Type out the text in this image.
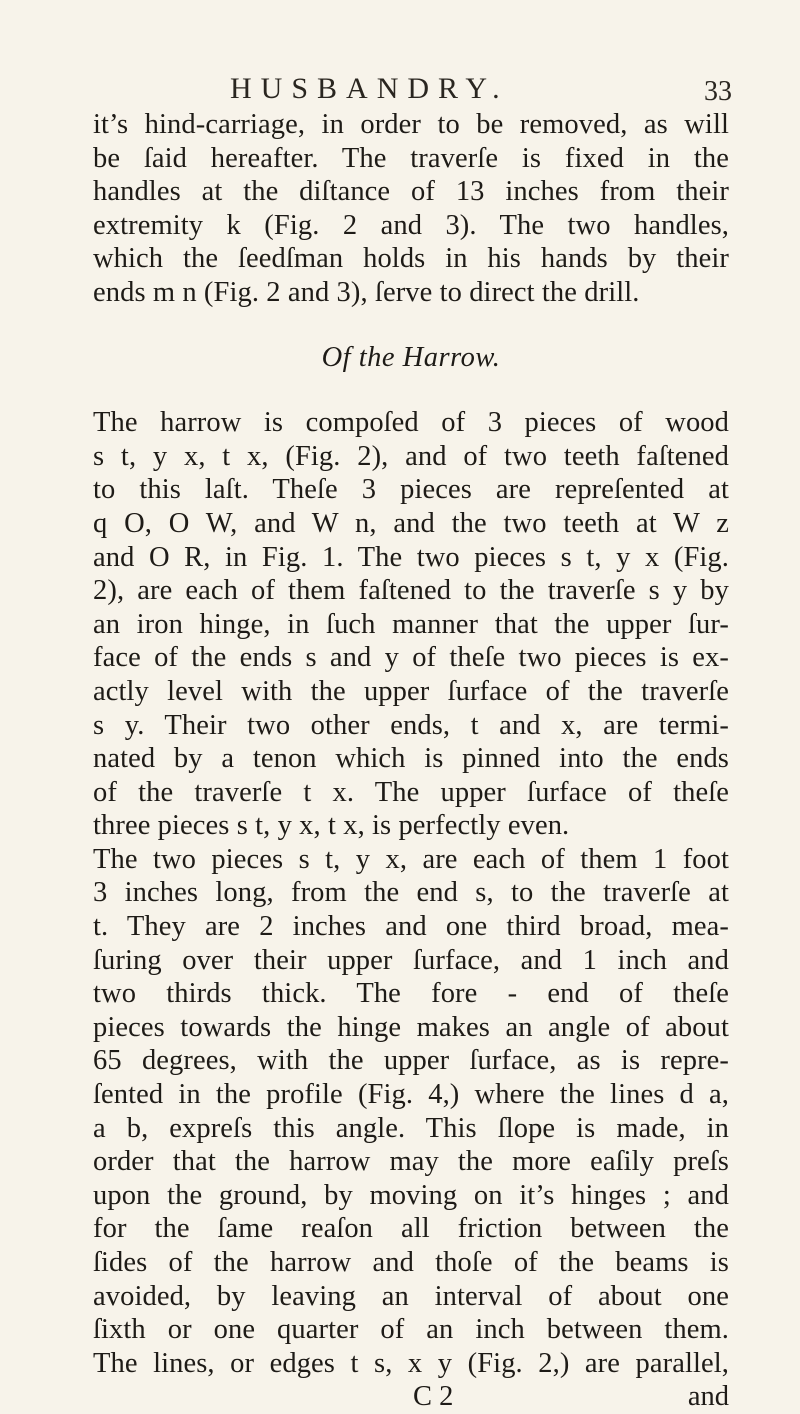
HUSBANDRY.	33
it’s hind-carriage, in order to be removed, as will
be ſaid hereafter. The traverſe is fixed in the
handles at the diſtance of 13 inches from their
extremity k (Fig. 2 and 3). The two handles,
which the ſeedſman holds in his hands by their
ends m n (Fig. 2 and 3), ſerve to direct the drill.
Of the Harrow.
The harrow is compoſed of 3 pieces of wood
s t, y x, t x, (Fig. 2), and of two teeth faſtened
to this laſt. Theſe 3 pieces are repreſented at
q O, O W, and W n, and the two teeth at W z
and O R, in Fig. 1. The two pieces s t, y x (Fig.
2), are each of them faſtened to the traverſe s y by
an iron hinge, in ſuch manner that the upper ſur-
face of the ends s and y of theſe two pieces is ex-
actly level with the upper ſurface of the traverſe
s y. Their two other ends, t and x, are termi-
nated by a tenon which is pinned into the ends
of the traverſe t x. The upper ſurface of theſe
three pieces s t, y x, t x, is perfectly even.
The two pieces s t, y x, are each of them 1 foot
3 inches long, from the end s, to the traverſe at
t. They are 2 inches and one third broad, mea-
ſuring over their upper ſurface, and 1 inch and
two thirds thick. The fore - end of theſe
pieces towards the hinge makes an angle of about
65 degrees, with the upper ſurface, as is repre-
ſented in the profile (Fig. 4,) where the lines d a,
a b, expreſs this angle. This ſlope is made, in
order that the harrow may the more eaſily preſs
upon the ground, by moving on it’s hinges ; and
for the ſame reaſon all friction between the
ſides of the harrow and thoſe of the beams is
avoided, by leaving an interval of about one
ſixth or one quarter of an inch between them.
The lines, or edges t s, x y (Fig. 2,) are parallel,
C 2	and
